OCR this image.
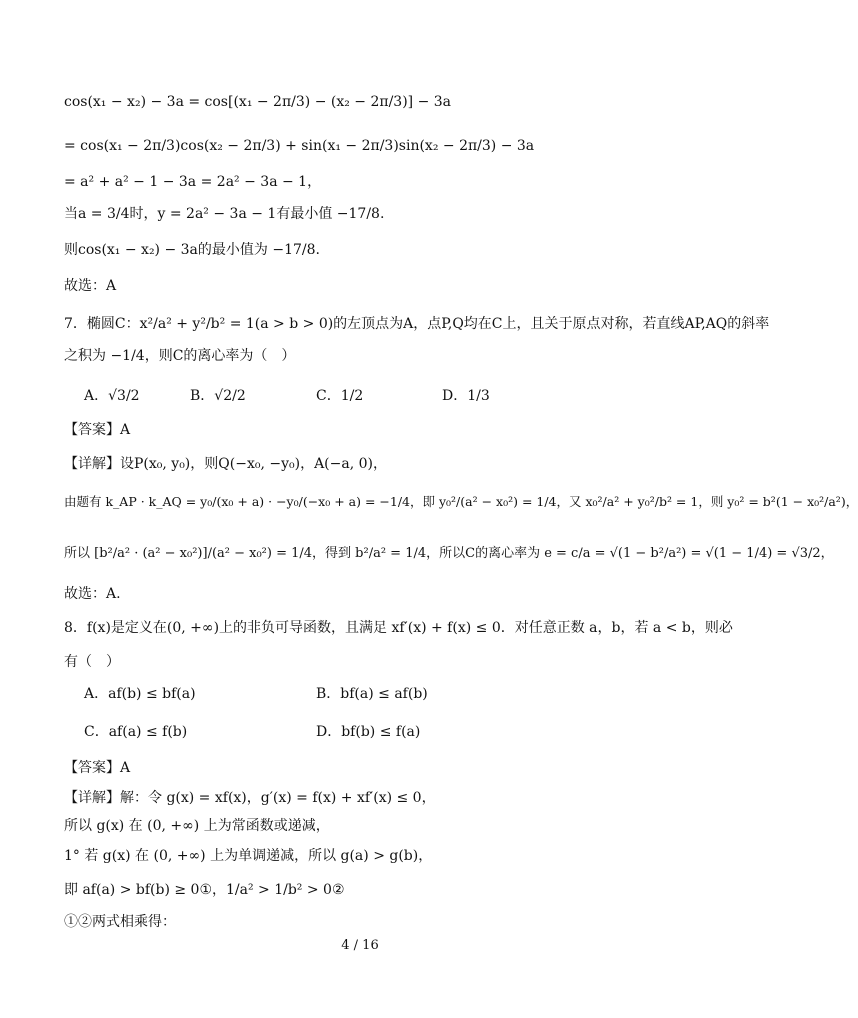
cos(x₁ − x₂) − 3a = cos[(x₁ − 2π/3) − (x₂ − 2π/3)] − 3a
= cos(x₁ − 2π/3)cos(x₂ − 2π/3) + sin(x₁ − 2π/3)sin(x₂ − 2π/3) − 3a
= a² + a² − 1 − 3a = 2a² − 3a − 1，
当a = 3/4时，y = 2a² − 3a − 1有最小值 −17/8.
则cos(x₁ − x₂) − 3a的最小值为 −17/8.
故选：A
7．椭圆C：x²/a² + y²/b² = 1(a > b > 0)的左顶点为A，点P,Q均在C上，且关于原点对称，若直线AP,AQ的斜率
之积为 −1/4，则C的离心率为（　）
A．√3/2	B．√2/2	C．1/2	D．1/3
【答案】A
【详解】设P(x₀, y₀)，则Q(−x₀, −y₀)，A(−a, 0)，
由题有 k_AP · k_AQ = y₀/(x₀ + a) · −y₀/(−x₀ + a) = −1/4，即 y₀²/(a² − x₀²) = 1/4，又 x₀²/a² + y₀²/b² = 1，则 y₀² = b²(1 − x₀²/a²)，
所以 [b²/a² · (a² − x₀²)]/(a² − x₀²) = 1/4，得到 b²/a² = 1/4，所以C的离心率为 e = c/a = √(1 − b²/a²) = √(1 − 1/4) = √3/2，
故选：A.
8．f(x)是定义在(0, +∞)上的非负可导函数，且满足 xf′(x) + f(x) ≤ 0．对任意正数 a，b，若 a < b，则必
有（　）
A．af(b) ≤ bf(a)	B．bf(a) ≤ af(b)
C．af(a) ≤ f(b)	D．bf(b) ≤ f(a)
【答案】A
【详解】解：令 g(x) = xf(x)，g′(x) = f(x) + xf′(x) ≤ 0，
所以 g(x) 在 (0, +∞) 上为常函数或递减，
1° 若 g(x) 在 (0, +∞) 上为单调递减，所以 g(a) > g(b)，
即 af(a) > bf(b) ≥ 0①，1/a² > 1/b² > 0②
①②两式相乘得：
4 / 16
